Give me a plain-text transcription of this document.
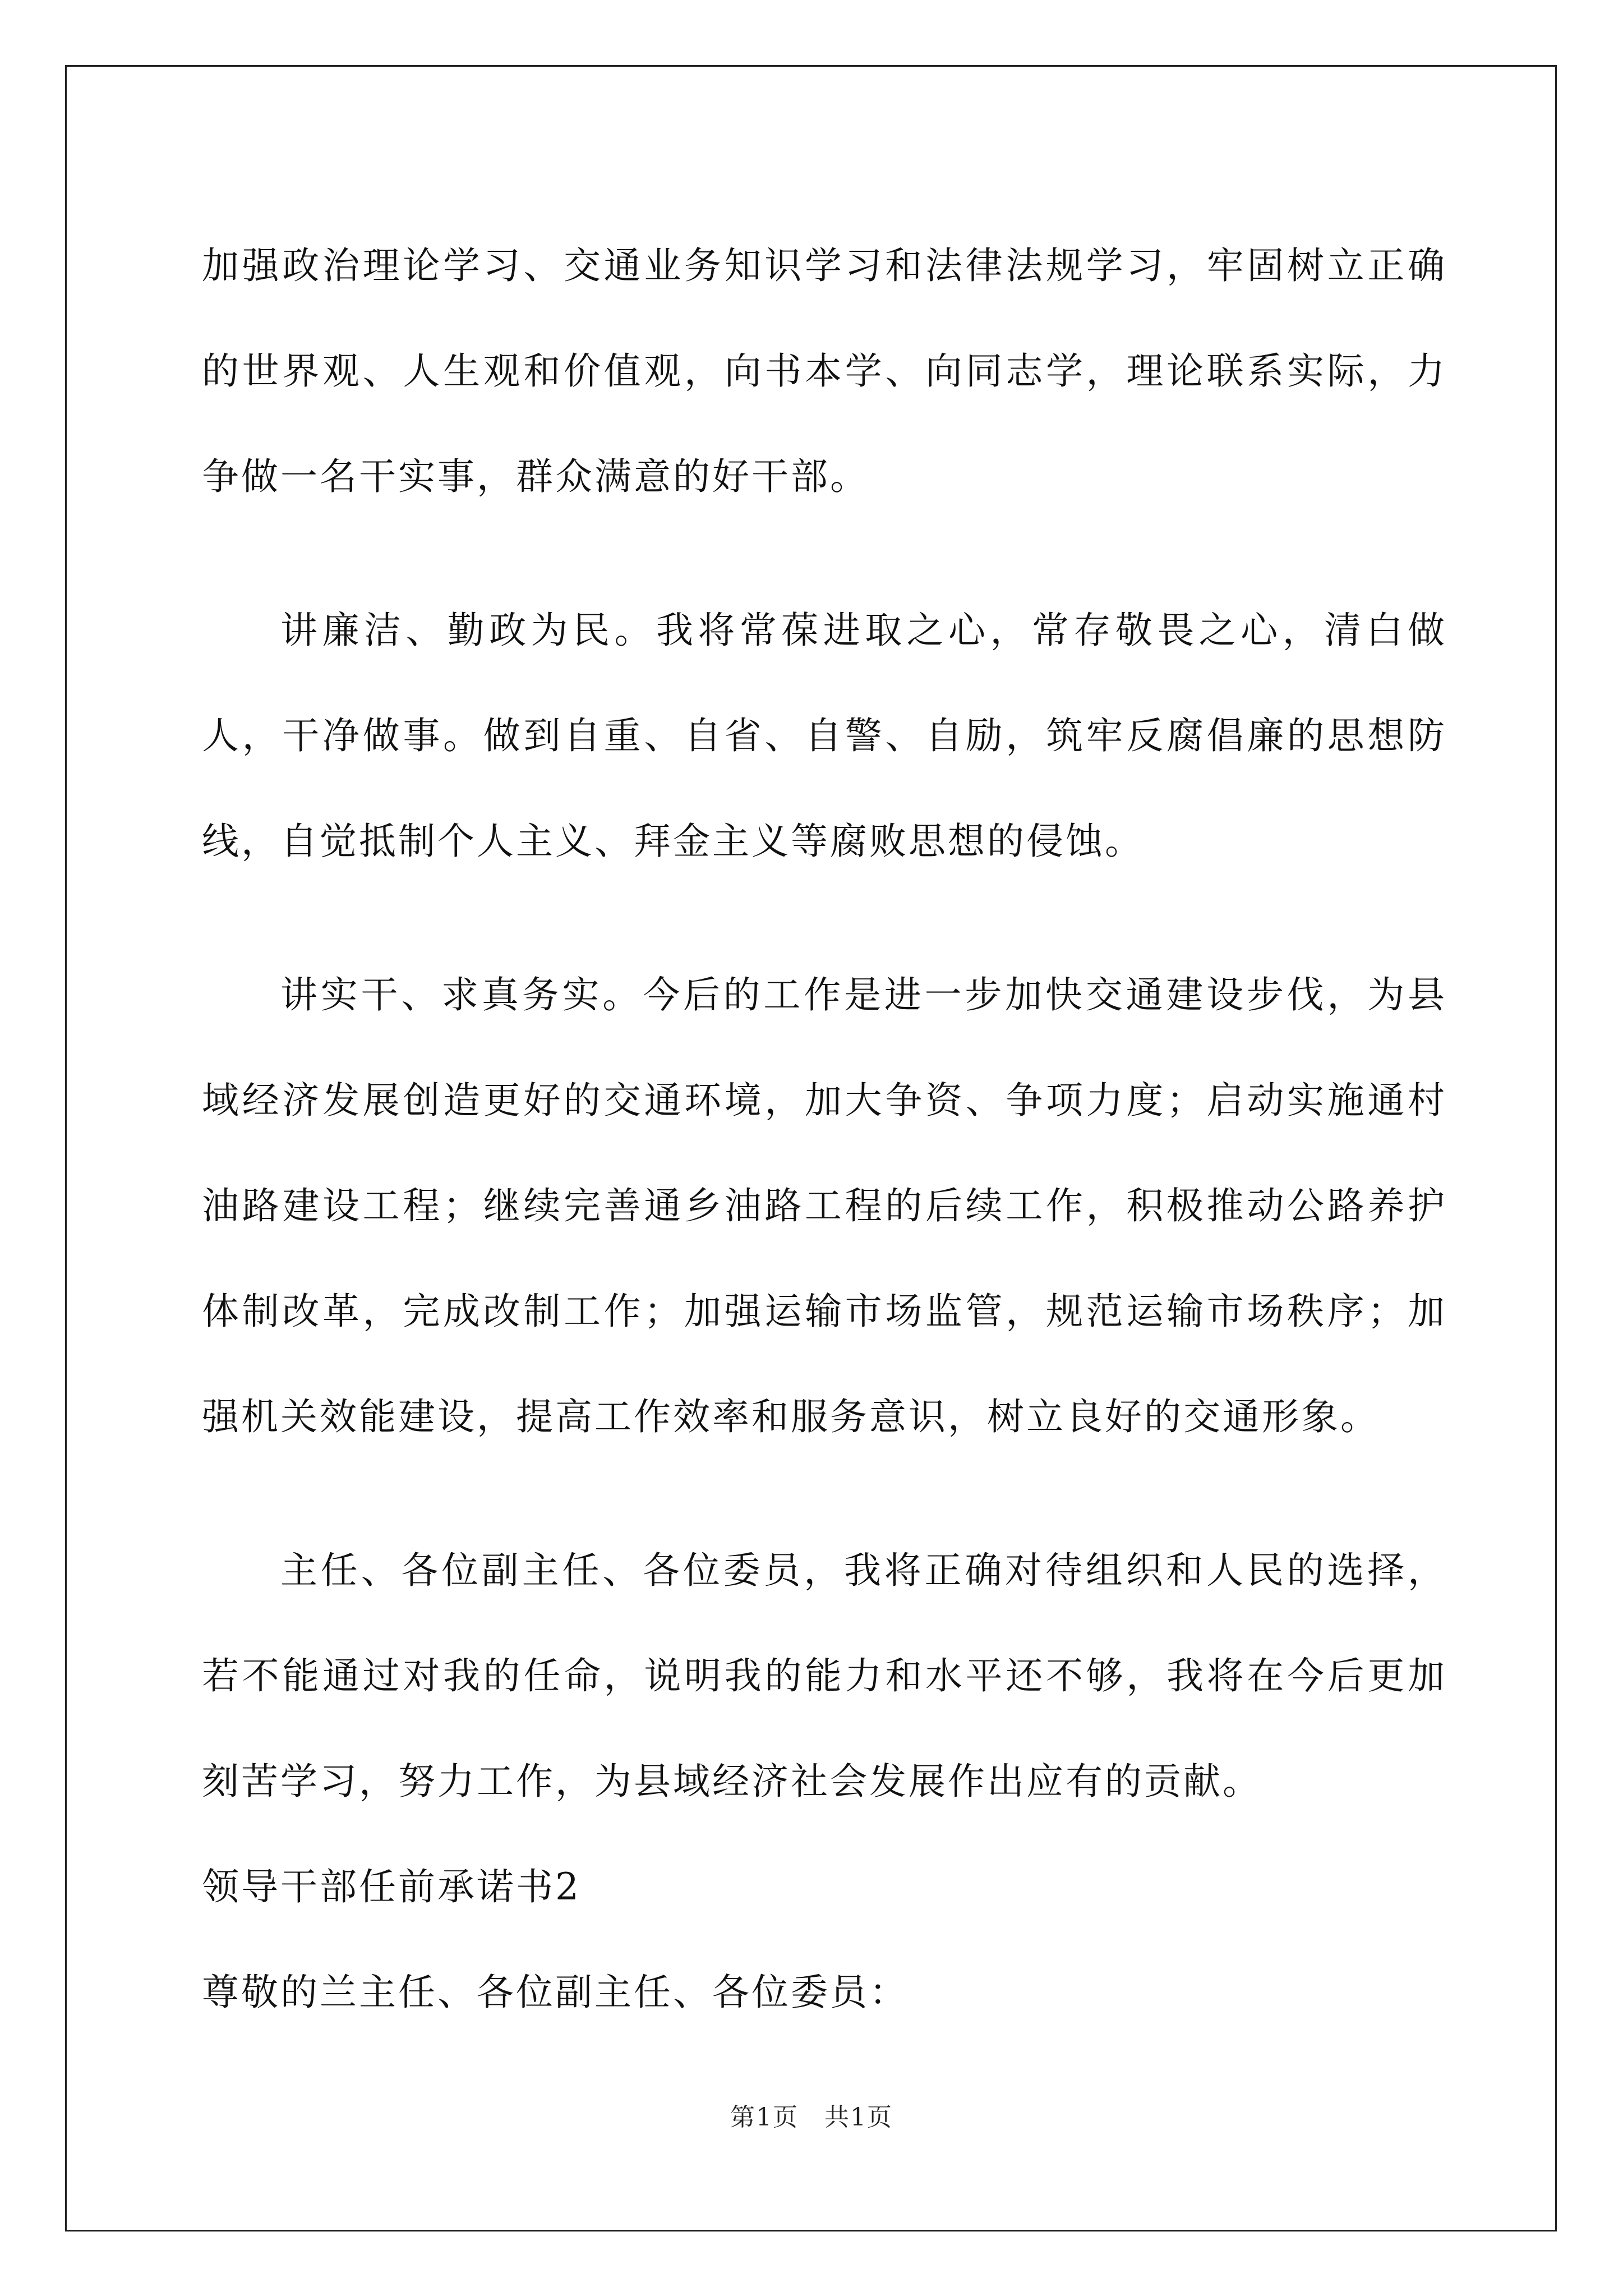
加强政治理论学习、交通业务知识学习和法律法规学习，牢固树立正确的世界观、人生观和价值观，向书本学、向同志学，理论联系实际，力争做一名干实事，群众满意的好干部。

讲廉洁、勤政为民。我将常葆进取之心，常存敬畏之心，清白做人，干净做事。做到自重、自省、自警、自励，筑牢反腐倡廉的思想防线，自觉抵制个人主义、拜金主义等腐败思想的侵蚀。

讲实干、求真务实。今后的工作是进一步加快交通建设步伐，为县域经济发展创造更好的交通环境，加大争资、争项力度；启动实施通村油路建设工程；继续完善通乡油路工程的后续工作，积极推动公路养护体制改革，完成改制工作；加强运输市场监管，规范运输市场秩序；加强机关效能建设，提高工作效率和服务意识，树立良好的交通形象。

主任、各位副主任、各位委员，我将正确对待组织和人民的选择，若不能通过对我的任命，说明我的能力和水平还不够，我将在今后更加刻苦学习，努力工作，为县域经济社会发展作出应有的贡献。

领导干部任前承诺书2

尊敬的兰主任、各位副主任、各位委员：

第1页　共1页
